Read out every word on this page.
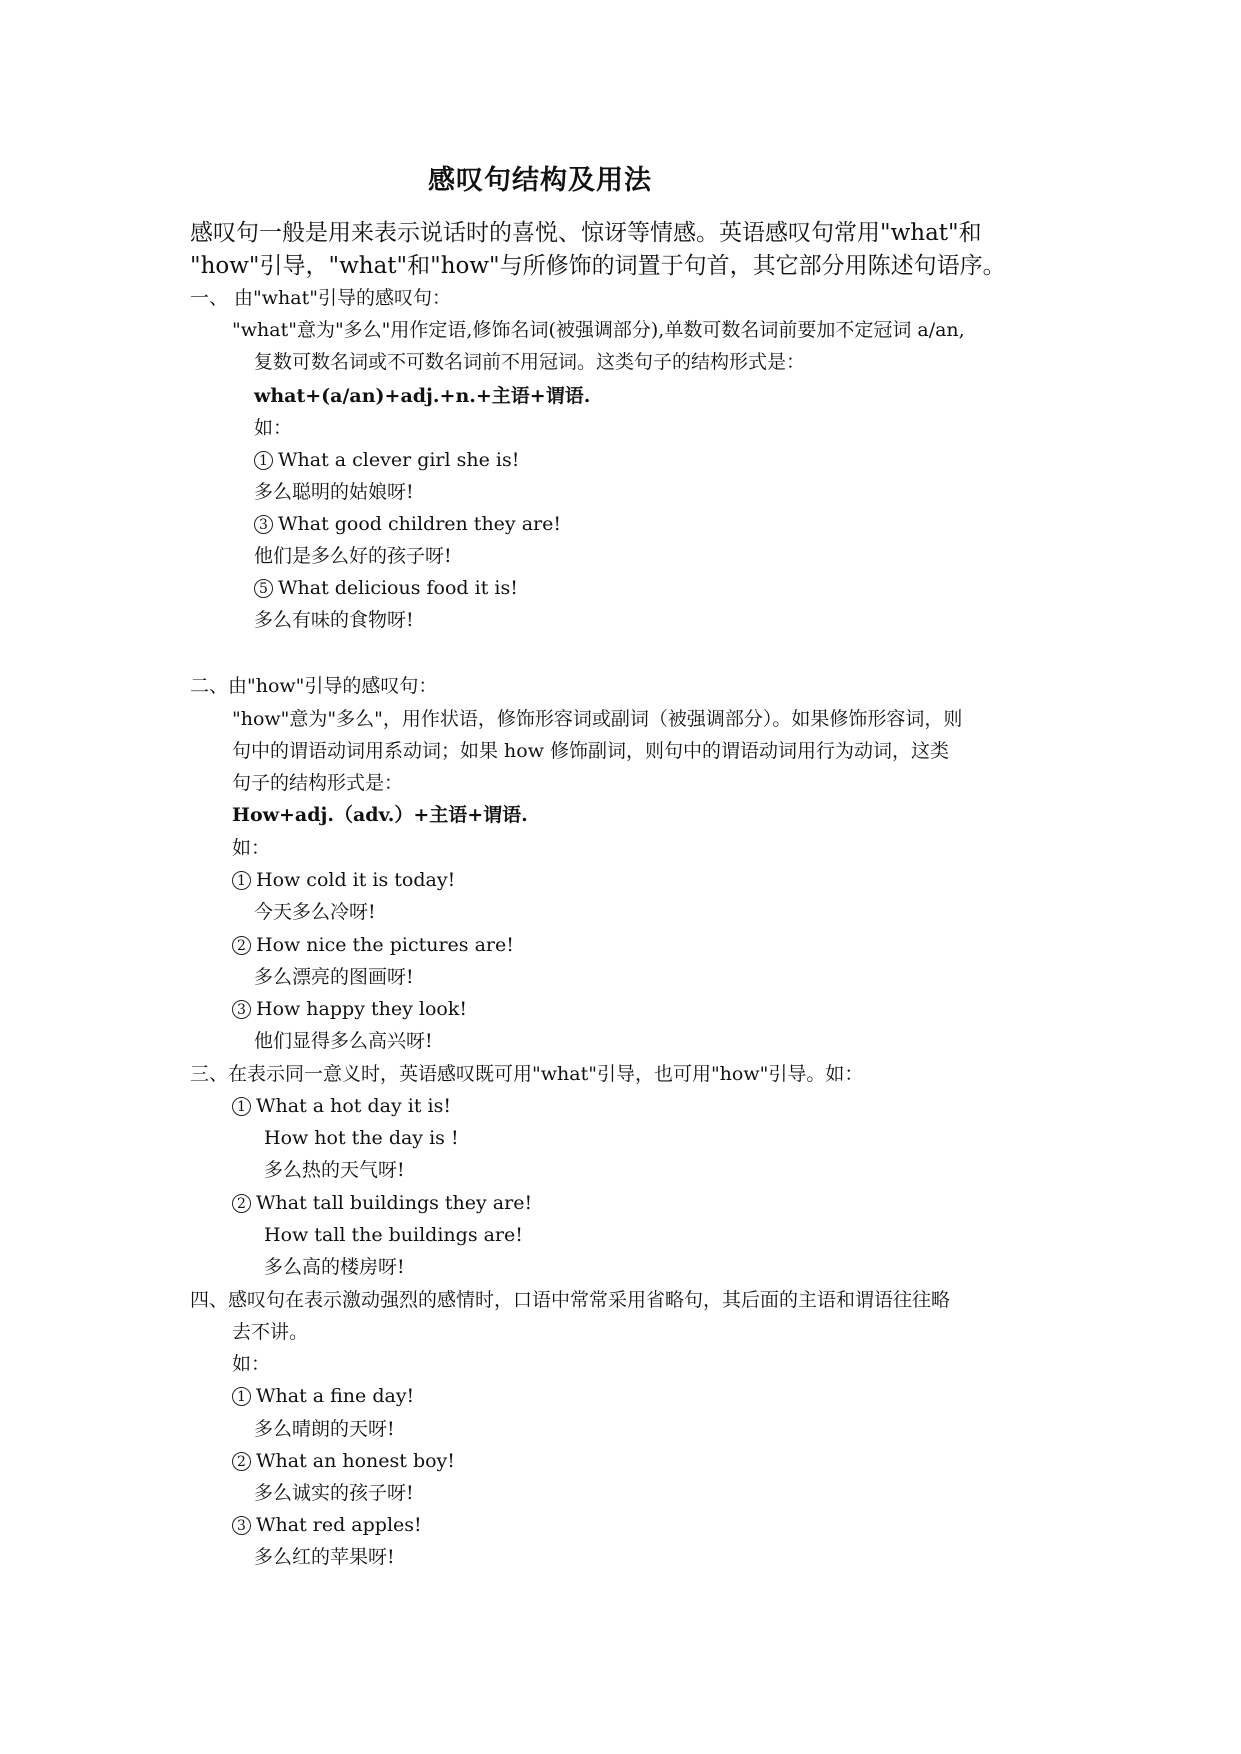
感叹句结构及用法
感叹句一般是用来表示说话时的喜悦、惊讶等情感。英语感叹句常用"what"和
"how"引导，"what"和"how"与所修饰的词置于句首，其它部分用陈述句语序。
一、 由"what"引导的感叹句：
"what"意为"多么"用作定语,修饰名词(被强调部分),单数可数名词前要加不定冠词 a/an,
复数可数名词或不可数名词前不用冠词。这类句子的结构形式是：
what+(a/an)+adj.+n.+主语+谓语.
如：
1 What a clever girl she is!
多么聪明的姑娘呀!
3 What good children they are!
他们是多么好的孩子呀!
5 What delicious food it is!
多么有味的食物呀!
二、由"how"引导的感叹句：
"how"意为"多么"，用作状语，修饰形容词或副词（被强调部分）。如果修饰形容词，则
句中的谓语动词用系动词；如果 how 修饰副词，则句中的谓语动词用行为动词，这类
句子的结构形式是：
How+adj.（adv.）+主语+谓语.
如：
1 How cold it is today!
今天多么冷呀!
2 How nice the pictures are!
多么漂亮的图画呀!
3 How happy they look!
他们显得多么高兴呀!
三、在表示同一意义时，英语感叹既可用"what"引导，也可用"how"引导。如：
1 What a hot day it is!
How hot the day is !
多么热的天气呀!
2 What tall buildings they are!
How tall the buildings are!
多么高的楼房呀!
四、感叹句在表示激动强烈的感情时，口语中常常采用省略句，其后面的主语和谓语往往略
去不讲。
如：
1 What a fine day!
多么晴朗的天呀!
2 What an honest boy!
多么诚实的孩子呀!
3 What red apples!
多么红的苹果呀!
